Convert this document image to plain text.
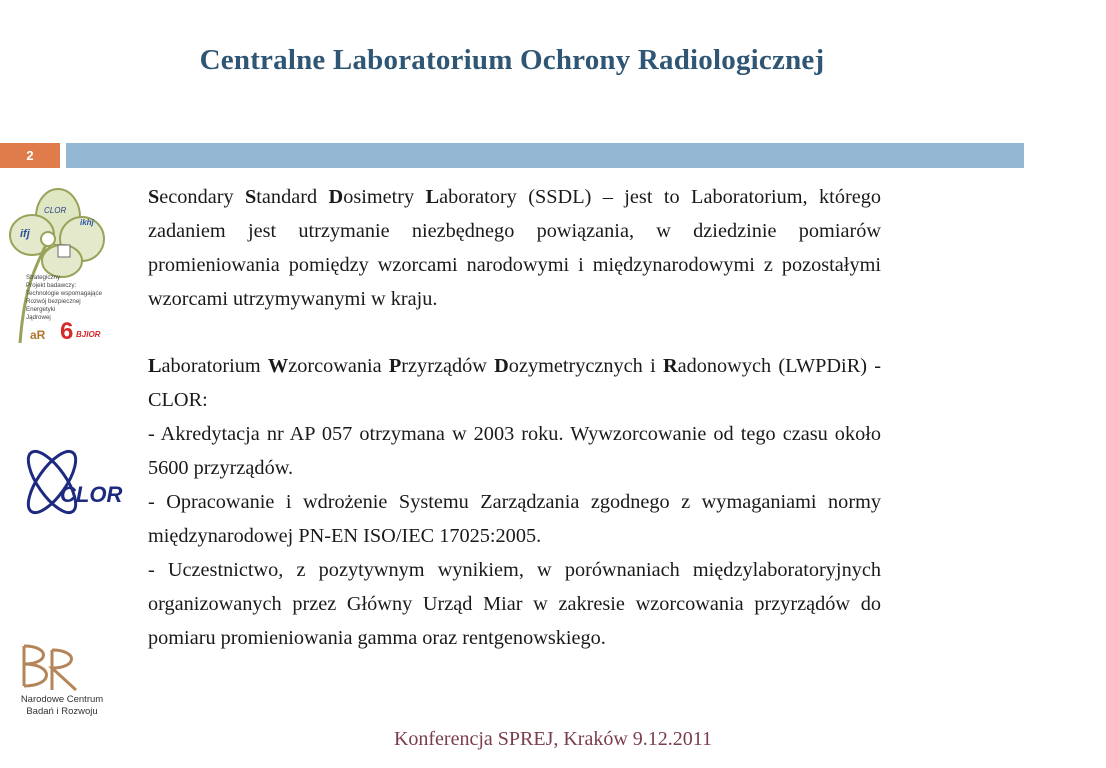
Centralne Laboratorium Ochrony Radiologicznej
2
CLOR
ikhj
ifj
Strategiczny
Projekt badawczy:
Technologie wspomagające
Rozwój bezpiecznej
Energetyki
Jądrowej
aR 6 BJIOR
CLOR
Narodowe Centrum
Badań i Rozwoju

Secondary Standard Dosimetry Laboratory (SSDL) – jest to Laboratorium, którego zadaniem jest utrzymanie niezbędnego powiązania, w dziedzinie pomiarów promieniowania pomiędzy wzorcami narodowymi i międzynarodowymi z pozostałymi wzorcami utrzymywanymi w kraju.

Laboratorium Wzorcowania Przyrządów Dozymetrycznych i Radonowych (LWPDiR) - CLOR:

- Akredytacja nr AP 057 otrzymana w 2003 roku. Wywzorcowanie od tego czasu około 5600 przyrządów.

- Opracowanie i wdrożenie Systemu Zarządzania zgodnego z wymaganiami normy międzynarodowej PN-EN ISO/IEC 17025:2005.

- Uczestnictwo, z pozytywnym wynikiem, w porównaniach międzylaboratoryjnych organizowanych przez Główny Urząd Miar w zakresie wzorcowania przyrządów do pomiaru promieniowania gamma oraz rentgenowskiego.

Konferencja SPREJ, Kraków 9.12.2011
